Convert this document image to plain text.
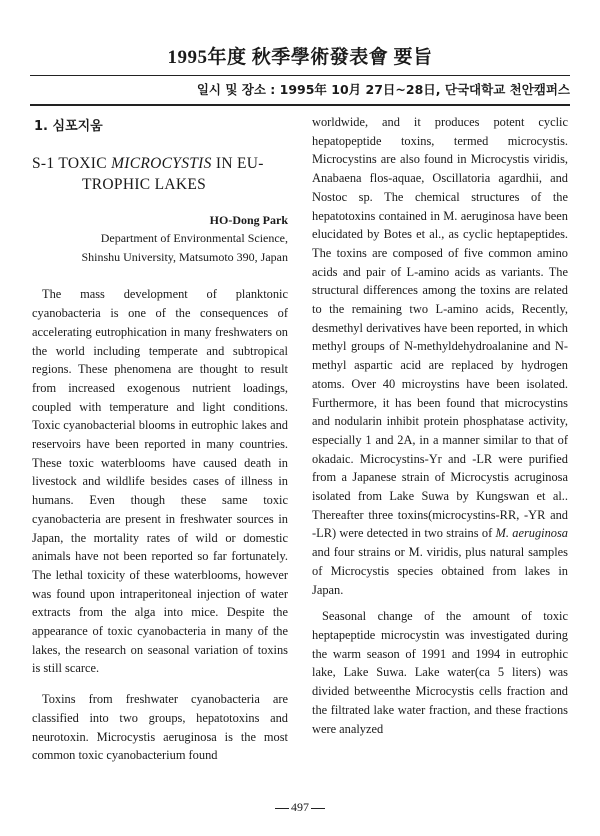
1995年度 秋季學術發表會 要旨
일시 및 장소 : 1995年 10月 27日~28日, 단국대학교 천안캠퍼스
1. 심포지움
S-1 TOXIC MICROCYSTIS IN EU-
TROPHIC LAKES

HO-Dong Park

Department of Environmental Science,
Shinshu University, Matsumoto 390, Japan

The mass development of planktonic cyanobacteria is one of the consequences of accelerating eutrophication in many freshwaters on the world including temperate and subtropical regions. These phenomena are thought to result from increased exogenous nutrient loadings, coupled with temperature and light conditions. Toxic cyanobacterial blooms in eutrophic lakes and reservoirs have been reported in many countries. These toxic waterblooms have caused death in livestock and wildlife besides cases of illness in humans. Even though these same toxic cyanobacteria are present in freshwater sources in Japan, the mortality rates of wild or domestic animals have not been reported so far fortunately. The lethal toxicity of these waterblooms, however was found upon intraperitoneal injection of water extracts from the alga into mice. Despite the appearance of toxic cyanobacteria in many of the lakes, the research on seasonal variation of toxins is still scarce.

Toxins from freshwater cyanobacteria are classified into two groups, hepatotoxins and neurotoxin. Microcystis aeruginosa is the most common toxic cyanobacterium found

worldwide, and it produces potent cyclic hepatopeptide toxins, termed microcystis. Microcystins are also found in Microcystis viridis, Anabaena flos-aquae, Oscillatoria agardhii, and Nostoc sp. The chemical structures of the hepatotoxins contained in M. aeruginosa have been elucidated by Botes et al., as cyclic heptapeptides. The toxins are composed of five common amino acids and pair of L-amino acids as variants. The structural differences among the toxins are related to the remaining two L-amino acids, Recently, desmethyl derivatives have been reported, in which methyl groups of N-methyldehydroalanine and N-methyl aspartic acid are replaced by hydrogen atoms. Over 40 microystins have been isolated. Furthermore, it has been found that microcystins and nodularin inhibit protein phosphatase activity, especially 1 and 2A, in a manner similar to that of okadaic. Microcystins-Yr and -LR were purified from a Japanese strain of Microcystis acruginosa isolated from Lake Suwa by Kungswan et al.. Thereafter three toxins(microcystins-RR, -YR and -LR) were detected in two strains of M. aeruginosa and four strains or M. viridis, plus natural samples of Microcystis species obtained from lakes in Japan.

Seasonal change of the amount of toxic heptapeptide microcystin was investigated during the warm season of 1991 and 1994 in eutrophic lake, Lake Suwa. Lake water(ca 5 liters) was divided betweenthe Microcystis cells fraction and the filtrated lake water fraction, and these fractions were analyzed

497
